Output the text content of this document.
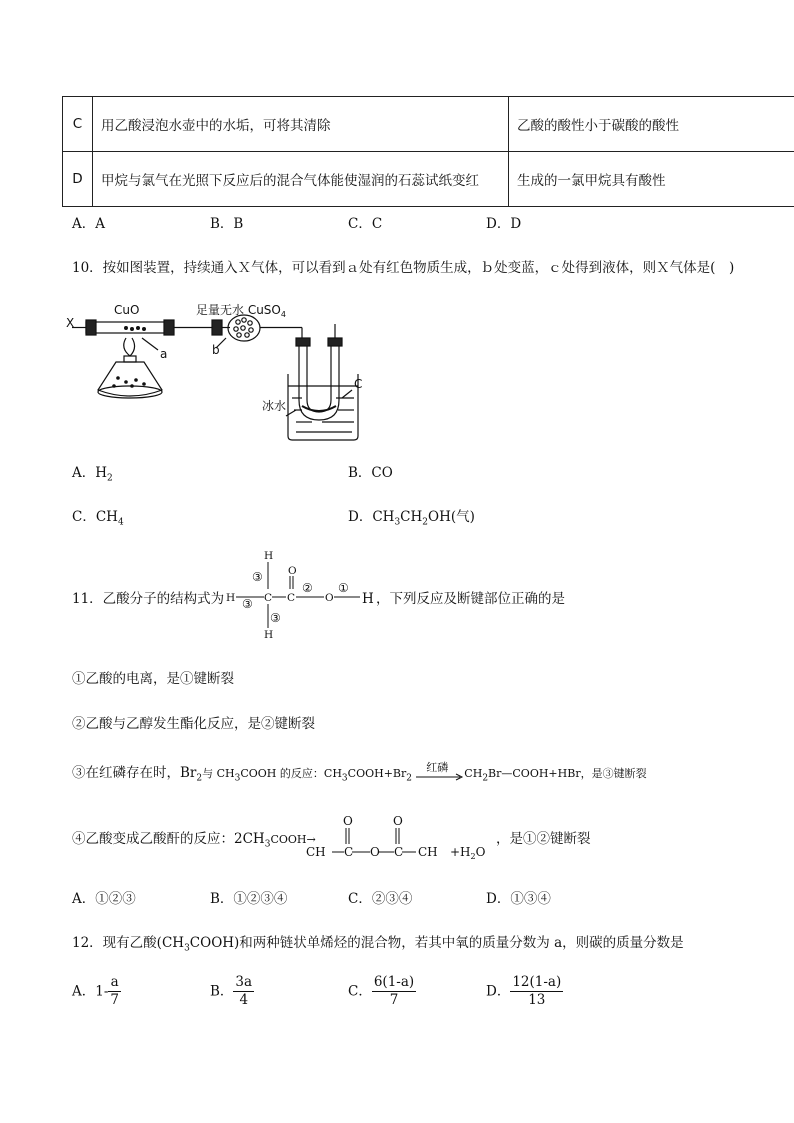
C	用乙酸浸泡水壶中的水垢，可将其清除	乙酸的酸性小于碳酸的酸性
D	甲烷与氯气在光照下反应后的混合气体能使湿润的石蕊试纸变红	生成的一氯甲烷具有酸性
A．A	B．B	C．C	D．D
10．按如图装置，持续通入Ｘ气体，可以看到ａ处有红色物质生成，ｂ处变蓝，ｃ处得到液体，则Ｘ气体是(　)
X
CuO	足量无水 CuSO$_4$
a	b
C
冰水
A．$H_2$	B．CO
C．$CH_4$	D．$CH_3CH_2OH$(气)
11．乙酸分子的结构式为 H
H
H
C C
O
O
③
③
③
② ①
H ，下列反应及断键部位正确的是
①乙酸的电离，是①键断裂
②乙酸与乙醇发生酯化反应，是②键断裂
③在红磷存在时，$Br_2$与 $CH_3COOH$ 的反应：$CH_3COOH+Br_2$
红磷 $CH_2Br—COOH+HBr$，是③键断裂
④乙酸变成乙酸酐的反应：$2CH_3COOH\to$
CH
O
C O
O
C CH $+H_2O$
，是①②键断裂
A．①②③	B．①②③④	C．②③④	D．①③④
12．现有乙酸$(CH_3COOH)$和两种链状单烯烃的混合物，若其中氧的质量分数为 a，则碳的质量分数是
A．$1- \frac{a}{7}$	B． $\frac{3a}{4}$	C． $\frac{6(1-a)}{7}$	D． $\frac{12(1-a)}{13}$
